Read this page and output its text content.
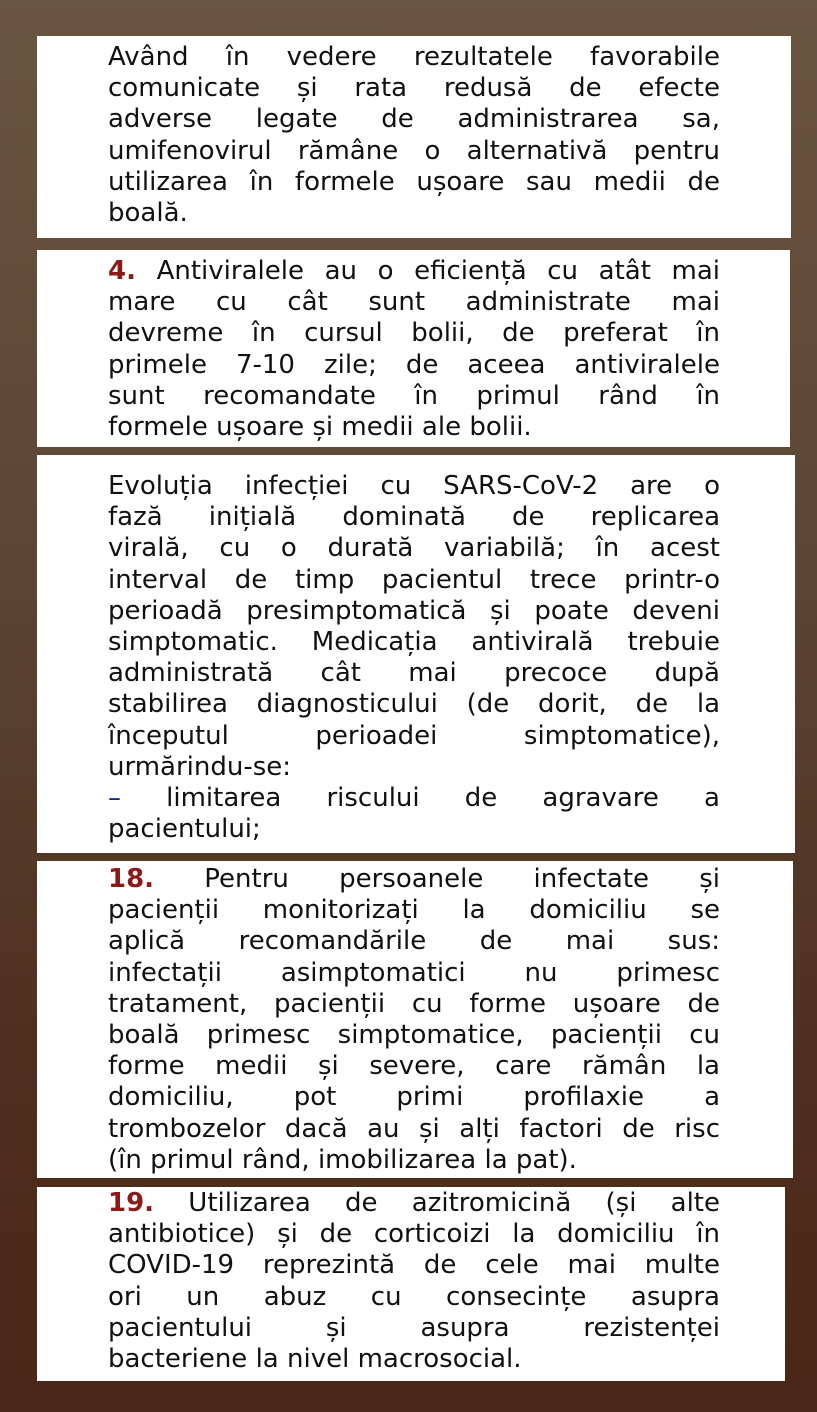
Având în vedere rezultatele favorabile
comunicate și rata redusă de efecte
adverse legate de administrarea sa,
umifenovirul rămâne o alternativă pentru
utilizarea în formele ușoare sau medii de
boală.
4. Antiviralele au o eficiență cu atât mai
mare cu cât sunt administrate mai
devreme în cursul bolii, de preferat în
primele 7-10 zile; de aceea antiviralele
sunt recomandate în primul rând în
formele ușoare și medii ale bolii.
Evoluția infecției cu SARS-CoV-2 are o
fază inițială dominată de replicarea
virală, cu o durată variabilă; în acest
interval de timp pacientul trece printr-o
perioadă presimptomatică și poate deveni
simptomatic. Medicația antivirală trebuie
administrată cât mai precoce după
stabilirea diagnosticului (de dorit, de la
începutul perioadei simptomatice),
urmărindu-se:
– limitarea riscului de agravare a
pacientului;
18. Pentru persoanele infectate și
pacienții monitorizați la domiciliu se
aplică recomandările de mai sus:
infectații asimptomatici nu primesc
tratament, pacienții cu forme ușoare de
boală primesc simptomatice, pacienții cu
forme medii și severe, care rămân la
domiciliu, pot primi profilaxie a
trombozelor dacă au și alți factori de risc
(în primul rând, imobilizarea la pat).
19. Utilizarea de azitromicină (și alte
antibiotice) și de corticoizi la domiciliu în
COVID-19 reprezintă de cele mai multe
ori un abuz cu consecințe asupra
pacientului și asupra rezistenței
bacteriene la nivel macrosocial.
